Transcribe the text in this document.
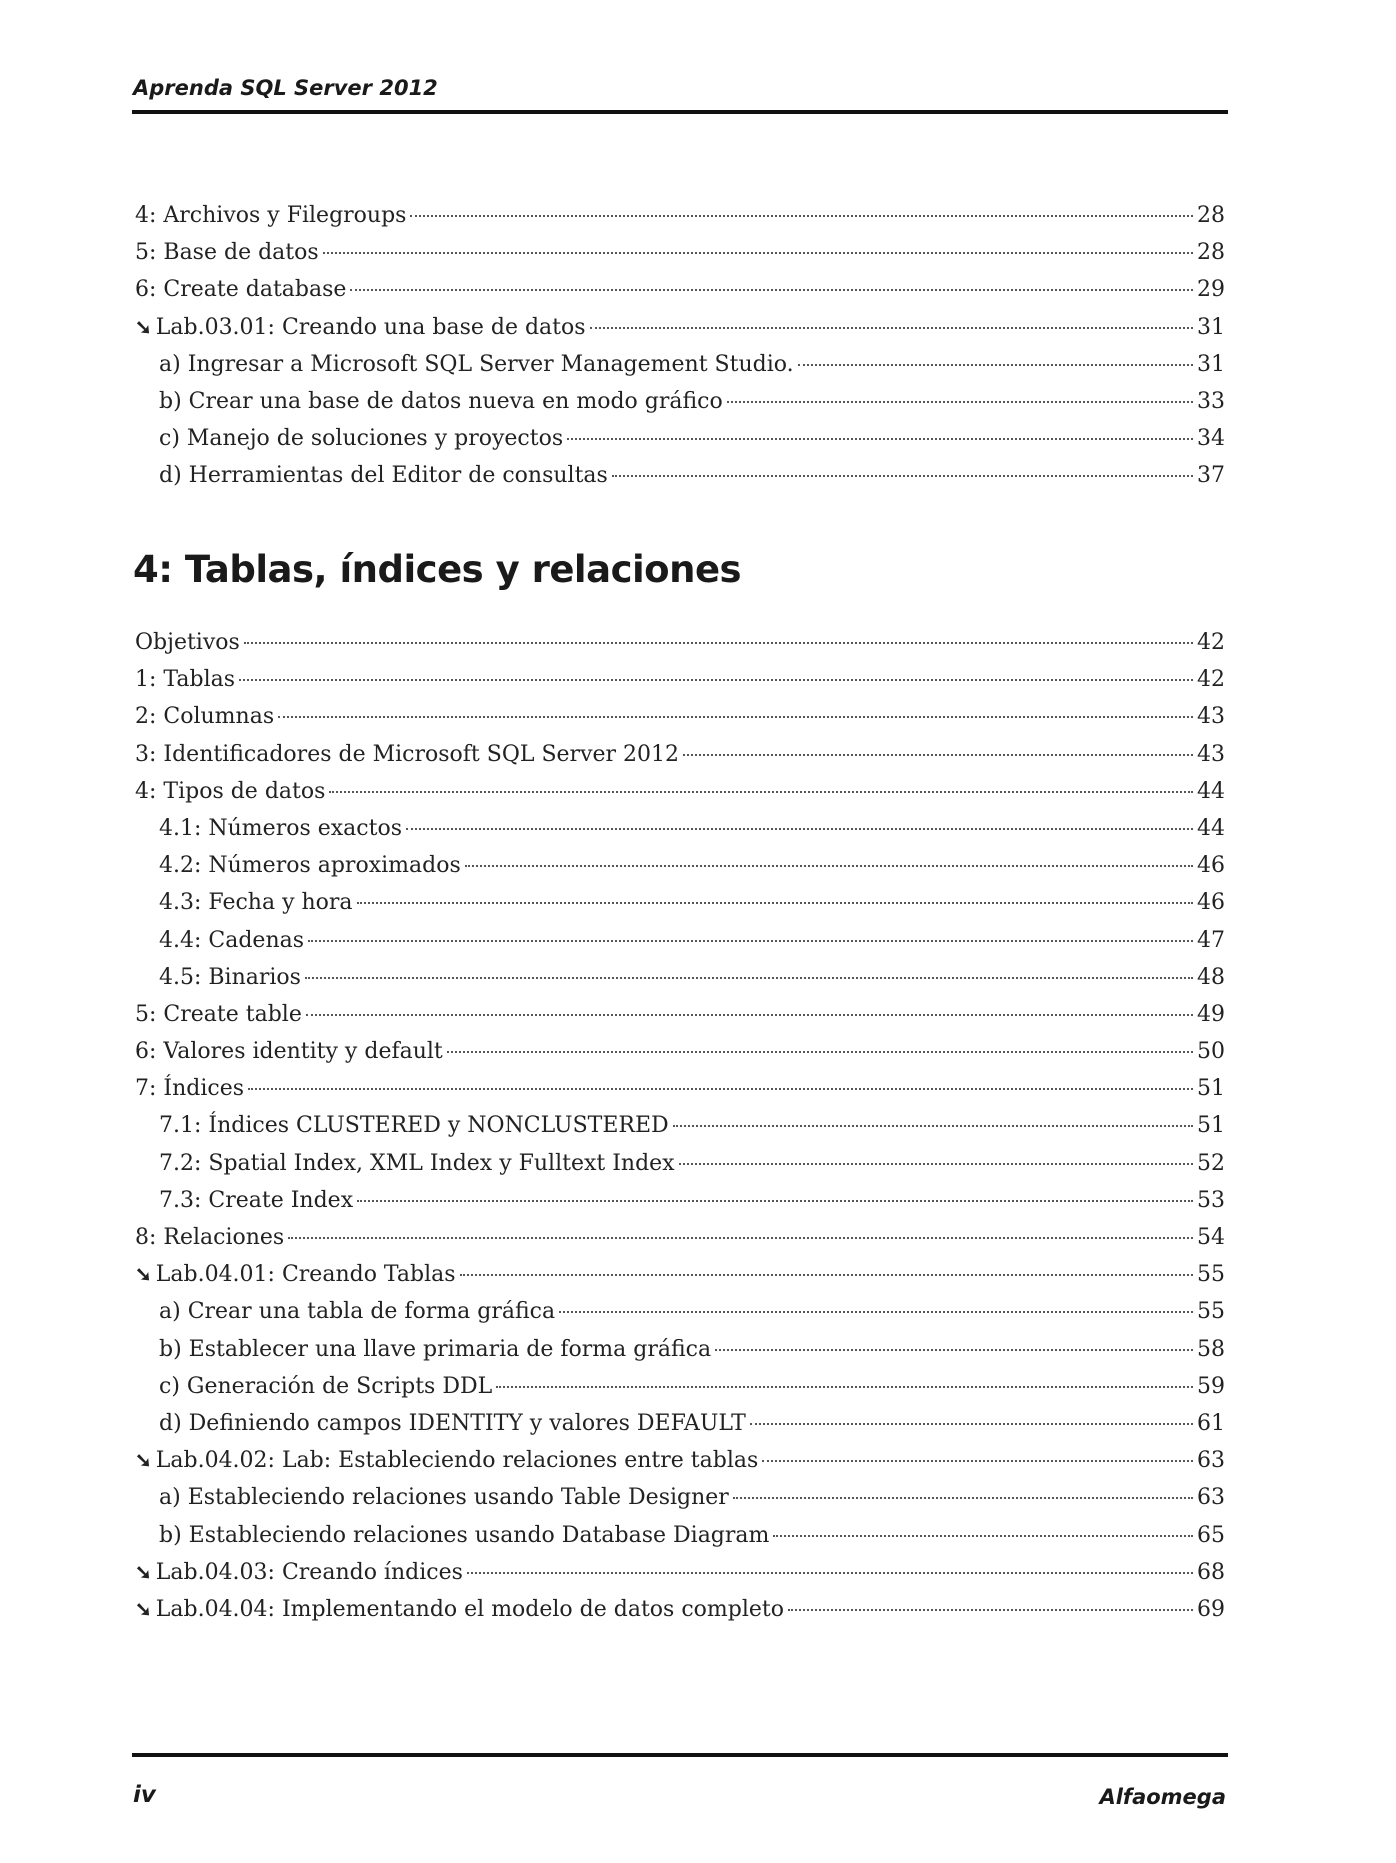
Aprenda SQL Server 2012
4: Archivos y Filegroups	28
5: Base de datos	28
6: Create database	29
➘ Lab.03.01: Creando una base de datos	31
a) Ingresar a Microsoft SQL Server Management Studio.	31
b) Crear una base de datos nueva en modo gráfico	33
c) Manejo de soluciones y proyectos	34
d) Herramientas del Editor de consultas	37
4: Tablas, índices y relaciones
Objetivos	42
1: Tablas	42
2: Columnas	43
3: Identificadores de Microsoft SQL Server 2012	43
4: Tipos de datos	44
4.1: Números exactos	44
4.2: Números aproximados	46
4.3: Fecha y hora	46
4.4: Cadenas	47
4.5: Binarios	48
5: Create table	49
6: Valores identity y default	50
7: Índices	51
7.1: Índices CLUSTERED y NONCLUSTERED	51
7.2: Spatial Index, XML Index y Fulltext Index	52
7.3: Create Index	53
8: Relaciones	54
➘ Lab.04.01: Creando Tablas	55
a) Crear una tabla de forma gráfica	55
b) Establecer una llave primaria de forma gráfica	58
c) Generación de Scripts DDL	59
d) Definiendo campos IDENTITY y valores DEFAULT	61
➘ Lab.04.02: Lab: Estableciendo relaciones entre tablas	63
a) Estableciendo relaciones usando Table Designer	63
b) Estableciendo relaciones usando Database Diagram	65
➘ Lab.04.03: Creando índices	68
➘ Lab.04.04: Implementando el modelo de datos completo	69
iv	Alfaomega
